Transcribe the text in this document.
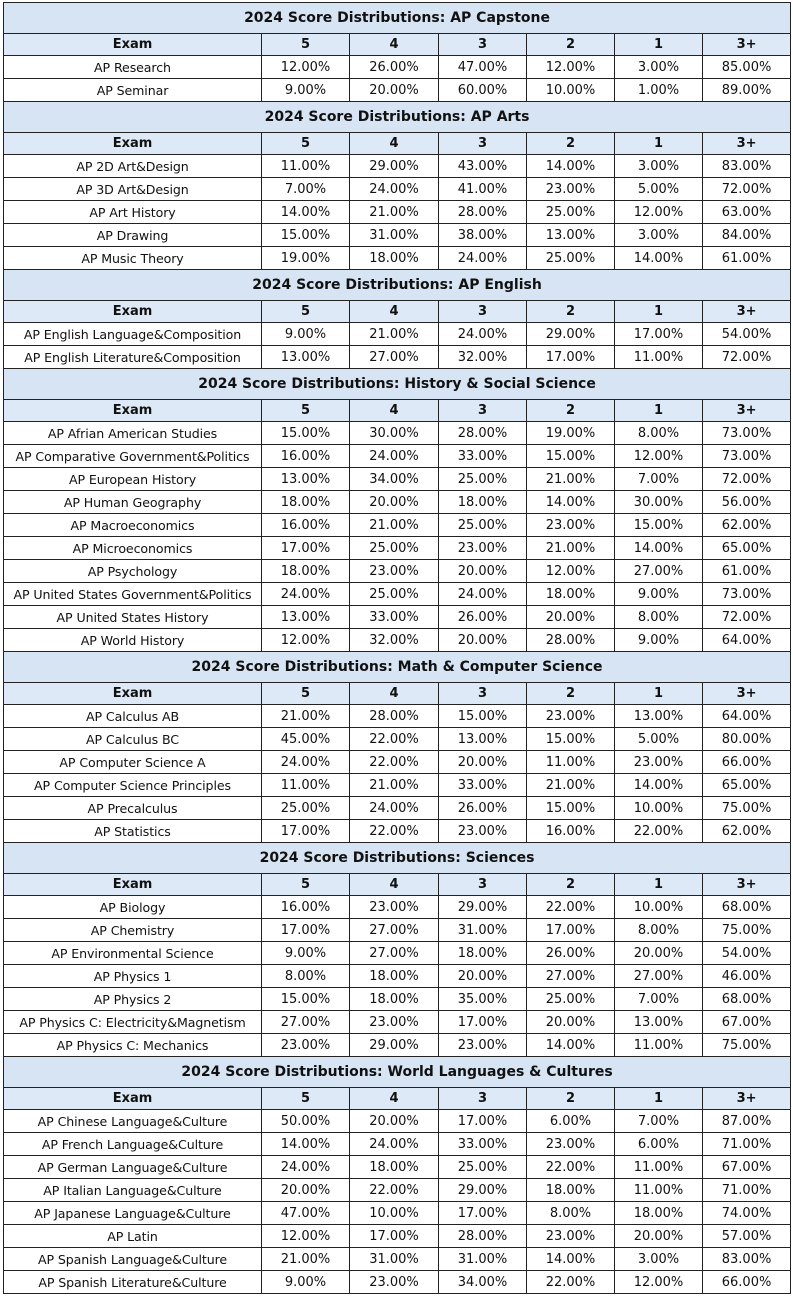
2024 Score Distributions: AP Capstone						
Exam	5	4	3	2	1	3+
AP Research	12.00%	26.00%	47.00%	12.00%	3.00%	85.00%
AP Seminar	9.00%	20.00%	60.00%	10.00%	1.00%	89.00%
2024 Score Distributions: AP Arts						
Exam	5	4	3	2	1	3+
AP 2D Art&Design	11.00%	29.00%	43.00%	14.00%	3.00%	83.00%
AP 3D Art&Design	7.00%	24.00%	41.00%	23.00%	5.00%	72.00%
AP Art History	14.00%	21.00%	28.00%	25.00%	12.00%	63.00%
AP Drawing	15.00%	31.00%	38.00%	13.00%	3.00%	84.00%
AP Music Theory	19.00%	18.00%	24.00%	25.00%	14.00%	61.00%
2024 Score Distributions: AP English						
Exam	5	4	3	2	1	3+
AP English Language&Composition	9.00%	21.00%	24.00%	29.00%	17.00%	54.00%
AP English Literature&Composition	13.00%	27.00%	32.00%	17.00%	11.00%	72.00%
2024 Score Distributions: History & Social Science						
Exam	5	4	3	2	1	3+
AP Afrian American Studies	15.00%	30.00%	28.00%	19.00%	8.00%	73.00%
AP Comparative Government&Politics	16.00%	24.00%	33.00%	15.00%	12.00%	73.00%
AP European History	13.00%	34.00%	25.00%	21.00%	7.00%	72.00%
AP Human Geography	18.00%	20.00%	18.00%	14.00%	30.00%	56.00%
AP Macroeconomics	16.00%	21.00%	25.00%	23.00%	15.00%	62.00%
AP Microeconomics	17.00%	25.00%	23.00%	21.00%	14.00%	65.00%
AP Psychology	18.00%	23.00%	20.00%	12.00%	27.00%	61.00%
AP United States Government&Politics	24.00%	25.00%	24.00%	18.00%	9.00%	73.00%
AP United States History	13.00%	33.00%	26.00%	20.00%	8.00%	72.00%
AP World History	12.00%	32.00%	20.00%	28.00%	9.00%	64.00%
2024 Score Distributions: Math & Computer Science						
Exam	5	4	3	2	1	3+
AP Calculus AB	21.00%	28.00%	15.00%	23.00%	13.00%	64.00%
AP Calculus BC	45.00%	22.00%	13.00%	15.00%	5.00%	80.00%
AP Computer Science A	24.00%	22.00%	20.00%	11.00%	23.00%	66.00%
AP Computer Science Principles	11.00%	21.00%	33.00%	21.00%	14.00%	65.00%
AP Precalculus	25.00%	24.00%	26.00%	15.00%	10.00%	75.00%
AP Statistics	17.00%	22.00%	23.00%	16.00%	22.00%	62.00%
2024 Score Distributions: Sciences						
Exam	5	4	3	2	1	3+
AP Biology	16.00%	23.00%	29.00%	22.00%	10.00%	68.00%
AP Chemistry	17.00%	27.00%	31.00%	17.00%	8.00%	75.00%
AP Environmental Science	9.00%	27.00%	18.00%	26.00%	20.00%	54.00%
AP Physics 1	8.00%	18.00%	20.00%	27.00%	27.00%	46.00%
AP Physics 2	15.00%	18.00%	35.00%	25.00%	7.00%	68.00%
AP Physics C: Electricity&Magnetism	27.00%	23.00%	17.00%	20.00%	13.00%	67.00%
AP Physics C: Mechanics	23.00%	29.00%	23.00%	14.00%	11.00%	75.00%
2024 Score Distributions: World Languages & Cultures						
Exam	5	4	3	2	1	3+
AP Chinese Language&Culture	50.00%	20.00%	17.00%	6.00%	7.00%	87.00%
AP French Language&Culture	14.00%	24.00%	33.00%	23.00%	6.00%	71.00%
AP German Language&Culture	24.00%	18.00%	25.00%	22.00%	11.00%	67.00%
AP Italian Language&Culture	20.00%	22.00%	29.00%	18.00%	11.00%	71.00%
AP Japanese Language&Culture	47.00%	10.00%	17.00%	8.00%	18.00%	74.00%
AP Latin	12.00%	17.00%	28.00%	23.00%	20.00%	57.00%
AP Spanish Language&Culture	21.00%	31.00%	31.00%	14.00%	3.00%	83.00%
AP Spanish Literature&Culture	9.00%	23.00%	34.00%	22.00%	12.00%	66.00%
